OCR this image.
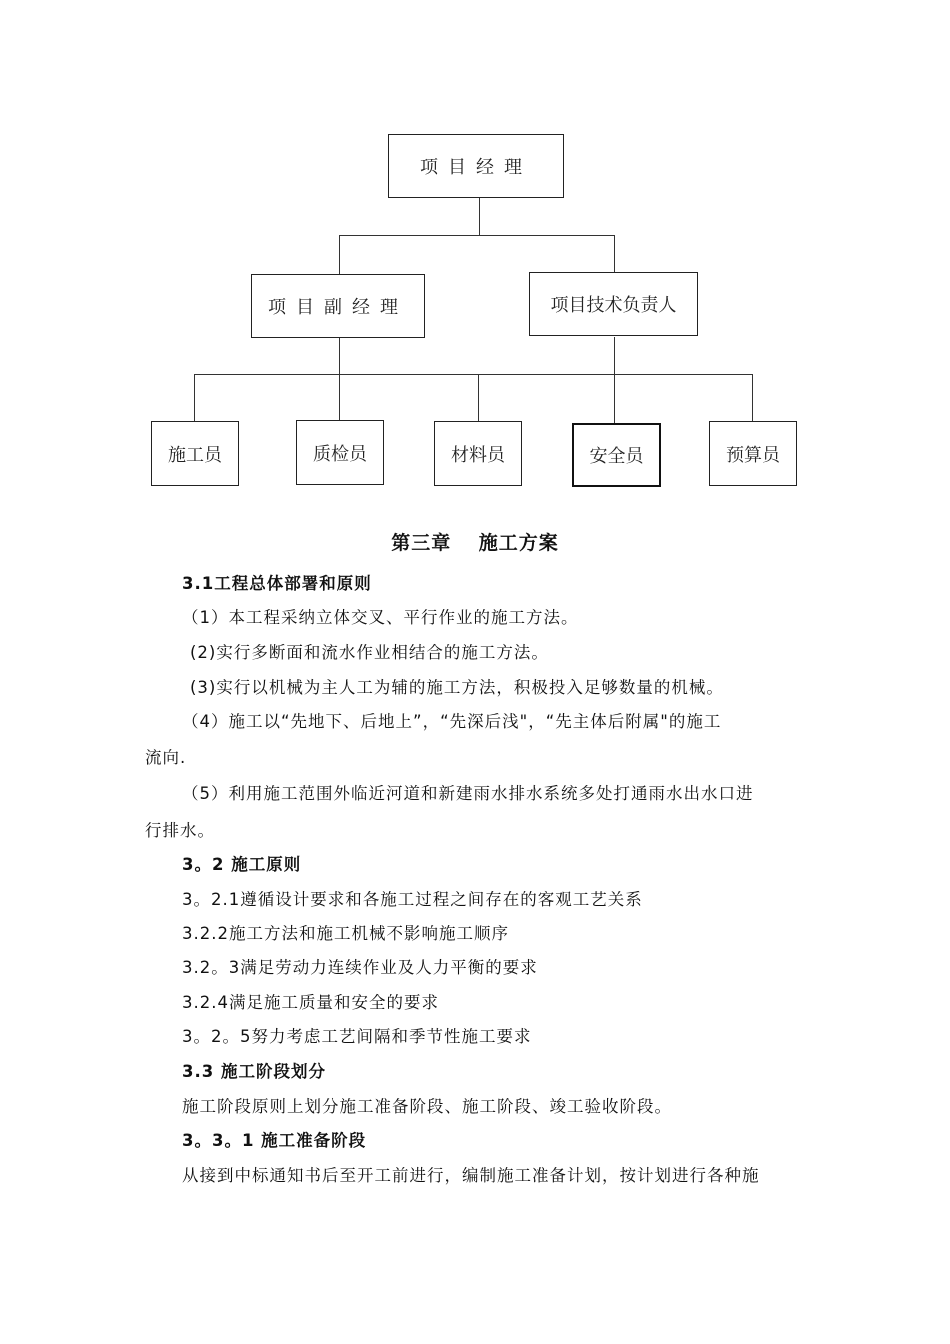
项目经理
项目副经理	项目技术负责人
施工员	质检员	材料员	安全员	预算员
第三章　 施工方案
3.1工程总体部署和原则
（1）本工程采纳立体交叉、平行作业的施工方法。
(2)实行多断面和流水作业相结合的施工方法。
(3)实行以机械为主人工为辅的施工方法，积极投入足够数量的机械。
（4）施工以“先地下、后地上”，“先深后浅"，“先主体后附属"的施工
流向.
（5）利用施工范围外临近河道和新建雨水排水系统多处打通雨水出水口进
行排水。
3。2 施工原则
3。2.1遵循设计要求和各施工过程之间存在的客观工艺关系
3.2.2施工方法和施工机械不影响施工顺序
3.2。3满足劳动力连续作业及人力平衡的要求
3.2.4满足施工质量和安全的要求
3。2。5努力考虑工艺间隔和季节性施工要求
3.3 施工阶段划分
施工阶段原则上划分施工准备阶段、施工阶段、竣工验收阶段。
3。3。1 施工准备阶段
从接到中标通知书后至开工前进行，编制施工准备计划，按计划进行各种施
